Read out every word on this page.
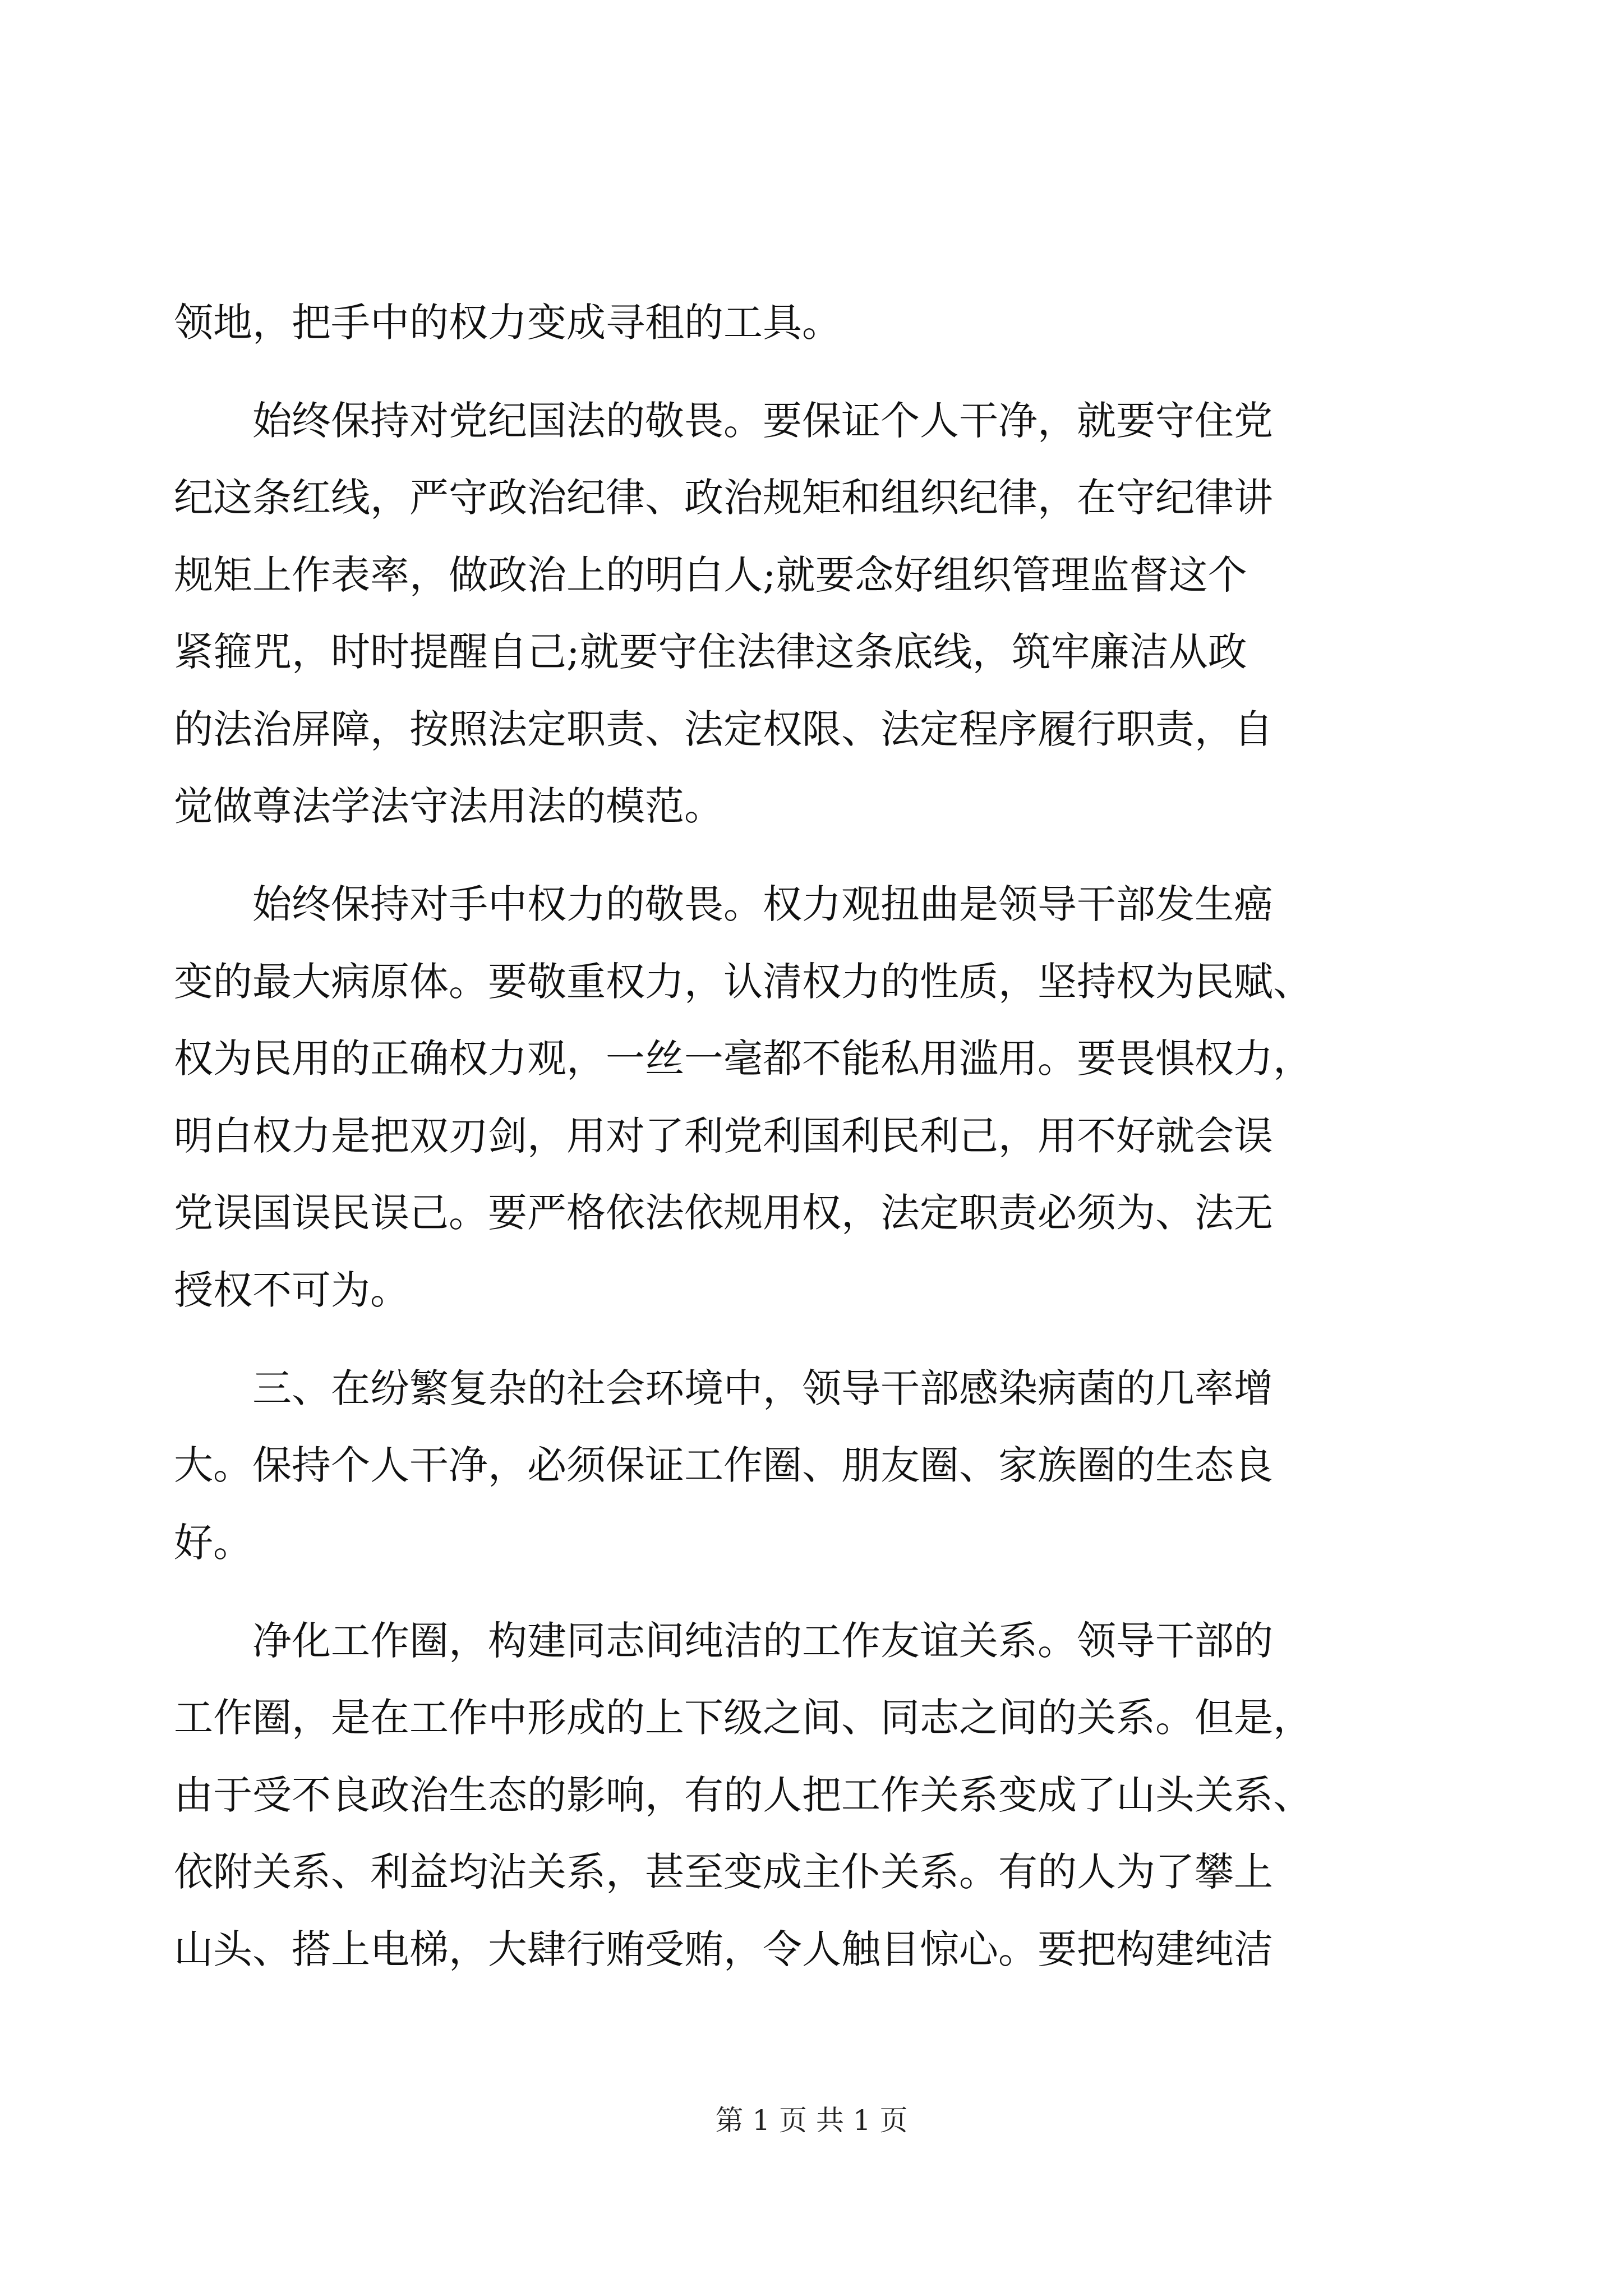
领地，把手中的权力变成寻租的工具。
始终保持对党纪国法的敬畏。要保证个人干净，就要守住党
纪这条红线，严守政治纪律、政治规矩和组织纪律，在守纪律讲
规矩上作表率，做政治上的明白人;就要念好组织管理监督这个
紧箍咒，时时提醒自己;就要守住法律这条底线，筑牢廉洁从政
的法治屏障，按照法定职责、法定权限、法定程序履行职责，自
觉做尊法学法守法用法的模范。
始终保持对手中权力的敬畏。权力观扭曲是领导干部发生癌
变的最大病原体。要敬重权力，认清权力的性质，坚持权为民赋、
权为民用的正确权力观，一丝一毫都不能私用滥用。要畏惧权力，
明白权力是把双刃剑，用对了利党利国利民利己，用不好就会误
党误国误民误己。要严格依法依规用权，法定职责必须为、法无
授权不可为。
三、在纷繁复杂的社会环境中，领导干部感染病菌的几率增
大。保持个人干净，必须保证工作圈、朋友圈、家族圈的生态良
好。
净化工作圈，构建同志间纯洁的工作友谊关系。领导干部的
工作圈，是在工作中形成的上下级之间、同志之间的关系。但是，
由于受不良政治生态的影响，有的人把工作关系变成了山头关系、
依附关系、利益均沾关系，甚至变成主仆关系。有的人为了攀上
山头、搭上电梯，大肆行贿受贿，令人触目惊心。要把构建纯洁
第 1 页 共 1 页
